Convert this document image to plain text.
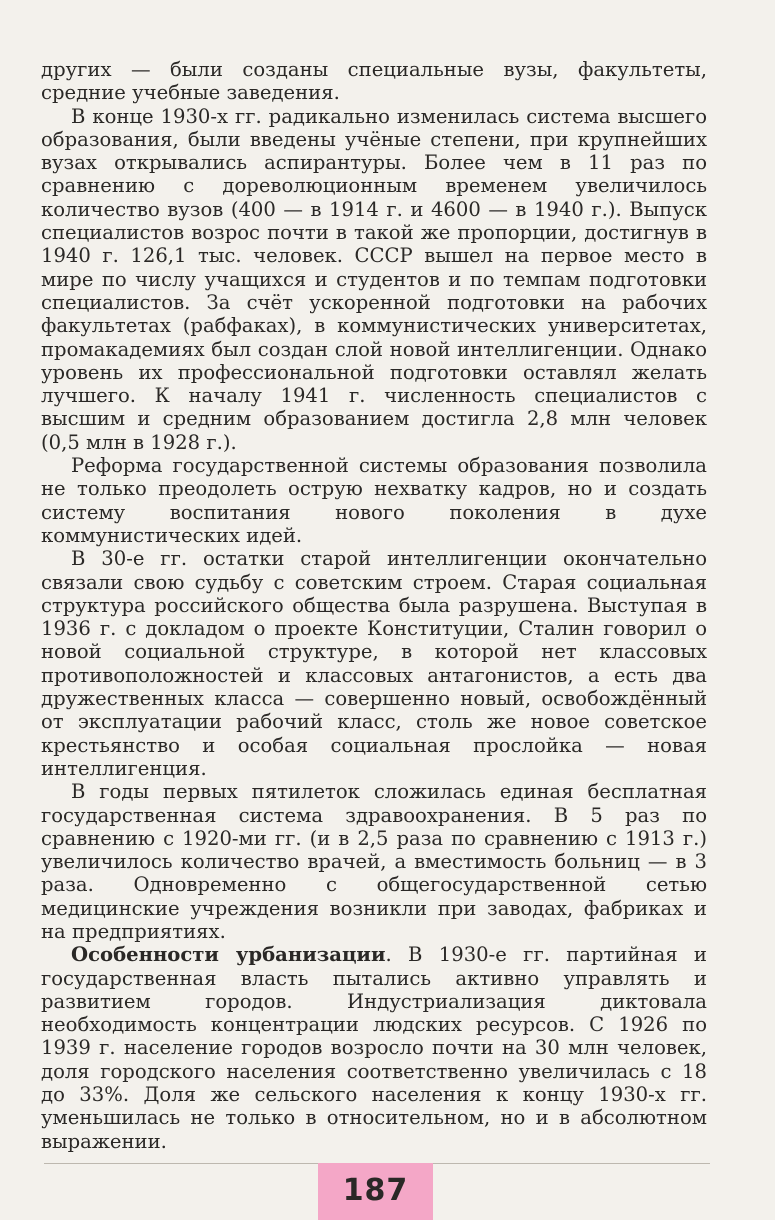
других — были созданы специальные вузы, факультеты, средние учебные заведения.

В конце 1930-х гг. радикально изменилась система высшего образования, были введены учёные степени, при крупнейших вузах открывались аспирантуры. Более чем в 11 раз по сравнению с дореволюционным временем увеличилось количество вузов (400 — в 1914 г. и 4600 — в 1940 г.). Выпуск специалистов возрос почти в такой же пропорции, достигнув в 1940 г. 126,1 тыс. человек. СССР вышел на первое место в мире по числу учащихся и студентов и по темпам подготовки специалистов. За счёт ускоренной подготовки на рабочих факультетах (рабфаках), в коммунистических университетах, промакадемиях был создан слой новой интеллигенции. Однако уровень их профессиональной подготовки оставлял желать лучшего. К началу 1941 г. численность специалистов с высшим и средним образованием достигла 2,8 млн человек (0,5 млн в 1928 г.).

Реформа государственной системы образования позволила не только преодолеть острую нехватку кадров, но и создать систему воспитания нового поколения в духе коммунистических идей.

В 30-е гг. остатки старой интеллигенции окончательно связали свою судьбу с советским строем. Старая социальная структура российского общества была разрушена. Выступая в 1936 г. с докладом о проекте Конституции, Сталин говорил о новой социальной структуре, в которой нет классовых противоположностей и классовых антагонистов, а есть два дружественных класса — совершенно новый, освобождённый от эксплуатации рабочий класс, столь же новое советское крестьянство и особая социальная прослойка — новая интеллигенция.

В годы первых пятилеток сложилась единая бесплатная государственная система здравоохранения. В 5 раз по сравнению с 1920-ми гг. (и в 2,5 раза по сравнению с 1913 г.) увеличилось количество врачей, а вместимость больниц — в 3 раза. Одновременно с общегосударственной сетью медицинские учреждения возникли при заводах, фабриках и на предприятиях.

Особенности урбанизации. В 1930-е гг. партийная и государственная власть пытались активно управлять и развитием городов. Индустриализация диктовала необходимость концентрации людских ресурсов. С 1926 по 1939 г. население городов возросло почти на 30 млн человек, доля городского населения соответственно увеличилась с 18 до 33%. Доля же сельского населения к концу 1930-х гг. уменьшилась не только в относительном, но и в абсолютном выражении.

187
